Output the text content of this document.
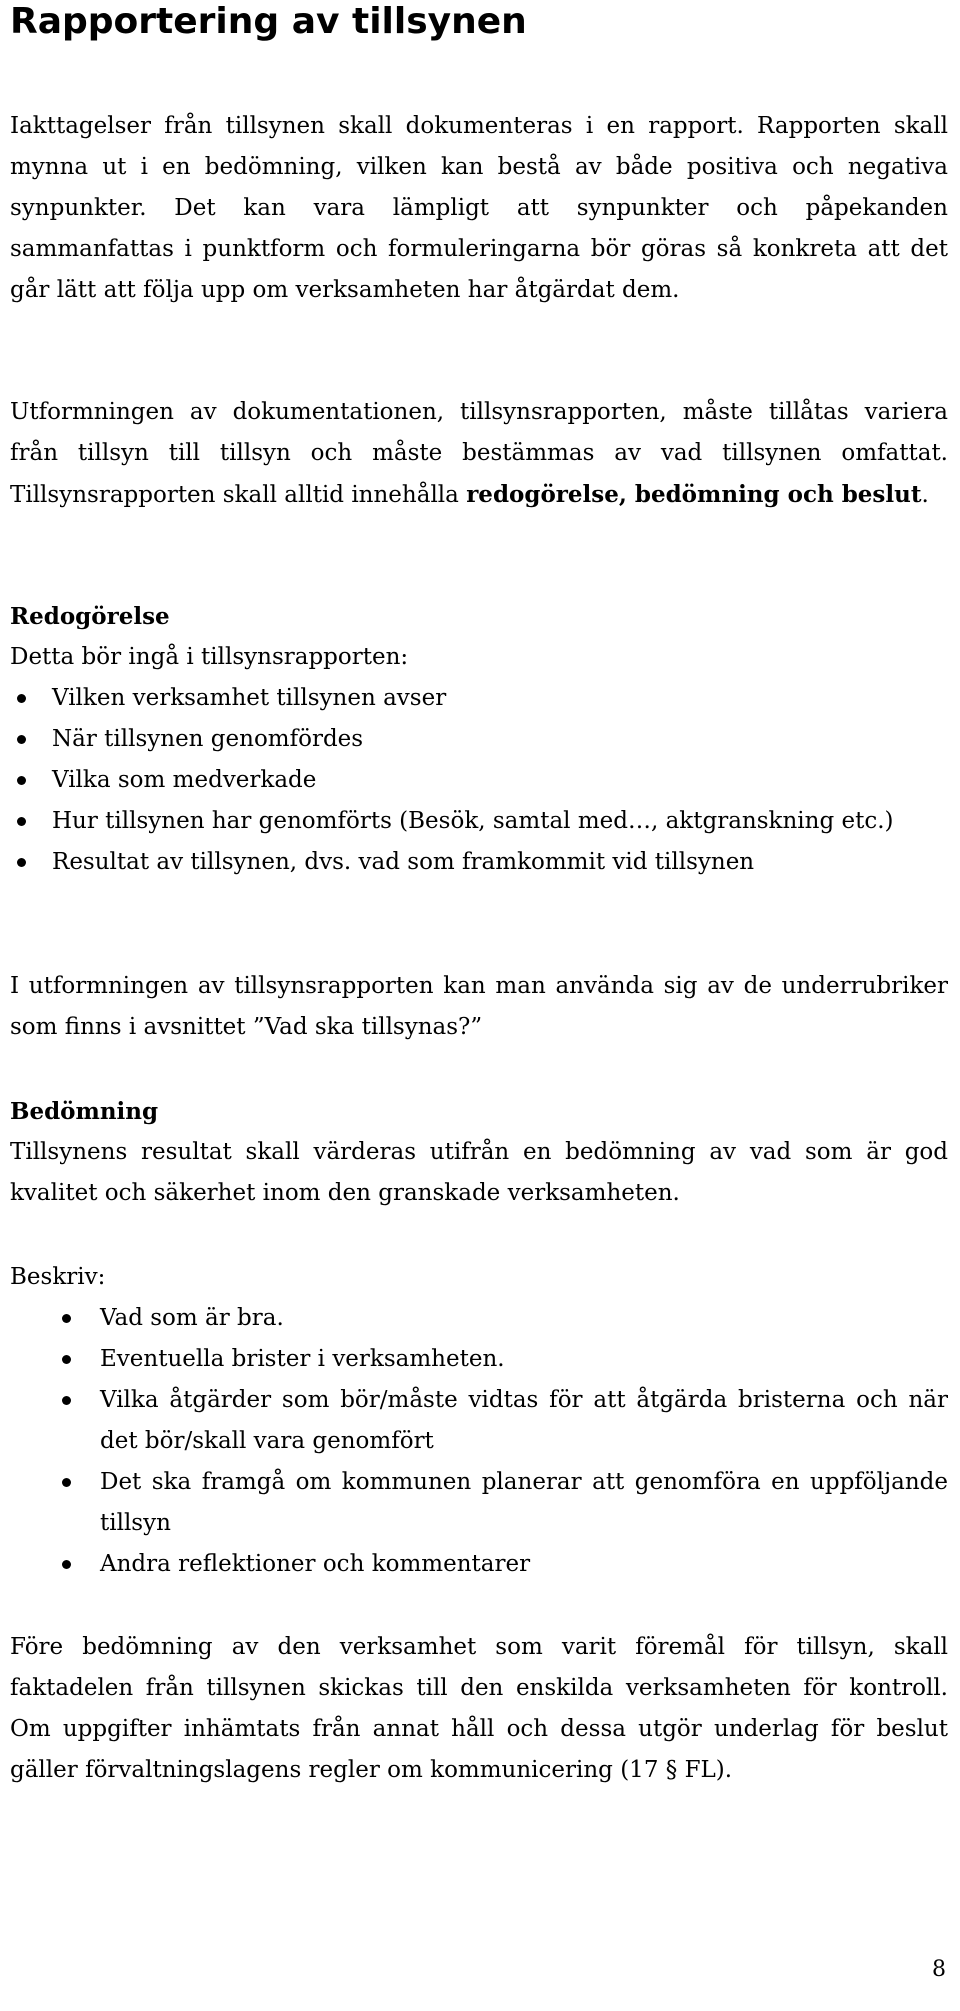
Rapportering av tillsynen

Iakttagelser från tillsynen skall dokumenteras i en rapport. Rapporten skall mynna ut i en bedömning, vilken kan bestå av både positiva och negativa synpunkter. Det kan vara lämpligt att synpunkter och påpekanden sammanfattas i punktform och formuleringarna bör göras så konkreta att det går lätt att följa upp om verksamheten har åtgärdat dem.

Utformningen av dokumentationen, tillsynsrapporten, måste tillåtas variera från tillsyn till tillsyn och måste bestämmas av vad tillsynen omfattat. Tillsynsrapporten skall alltid innehålla redogörelse, bedömning och beslut.

Redogörelse

Detta bör ingå i tillsynsrapporten:

Vilken verksamhet tillsynen avser
När tillsynen genomfördes
Vilka som medverkade
Hur tillsynen har genomförts (Besök, samtal med…, aktgranskning etc.)
Resultat av tillsynen, dvs. vad som framkommit vid tillsynen

I utformningen av tillsynsrapporten kan man använda sig av de underrubriker som finns i avsnittet ”Vad ska tillsynas?”

Bedömning

Tillsynens resultat skall värderas utifrån en bedömning av vad som är god kvalitet och säkerhet inom den granskade verksamheten.

Beskriv:

Vad som är bra.
Eventuella brister i verksamheten.
Vilka åtgärder som bör/måste vidtas för att åtgärda bristerna och när det bör/skall vara genomfört
Det ska framgå om kommunen planerar att genomföra en uppföljande tillsyn
Andra reflektioner och kommentarer

Före bedömning av den verksamhet som varit föremål för tillsyn, skall faktadelen från tillsynen skickas till den enskilda verksamheten för kontroll. Om uppgifter inhämtats från annat håll och dessa utgör underlag för beslut gäller förvaltningslagens regler om kommunicering (17 § FL).

8
